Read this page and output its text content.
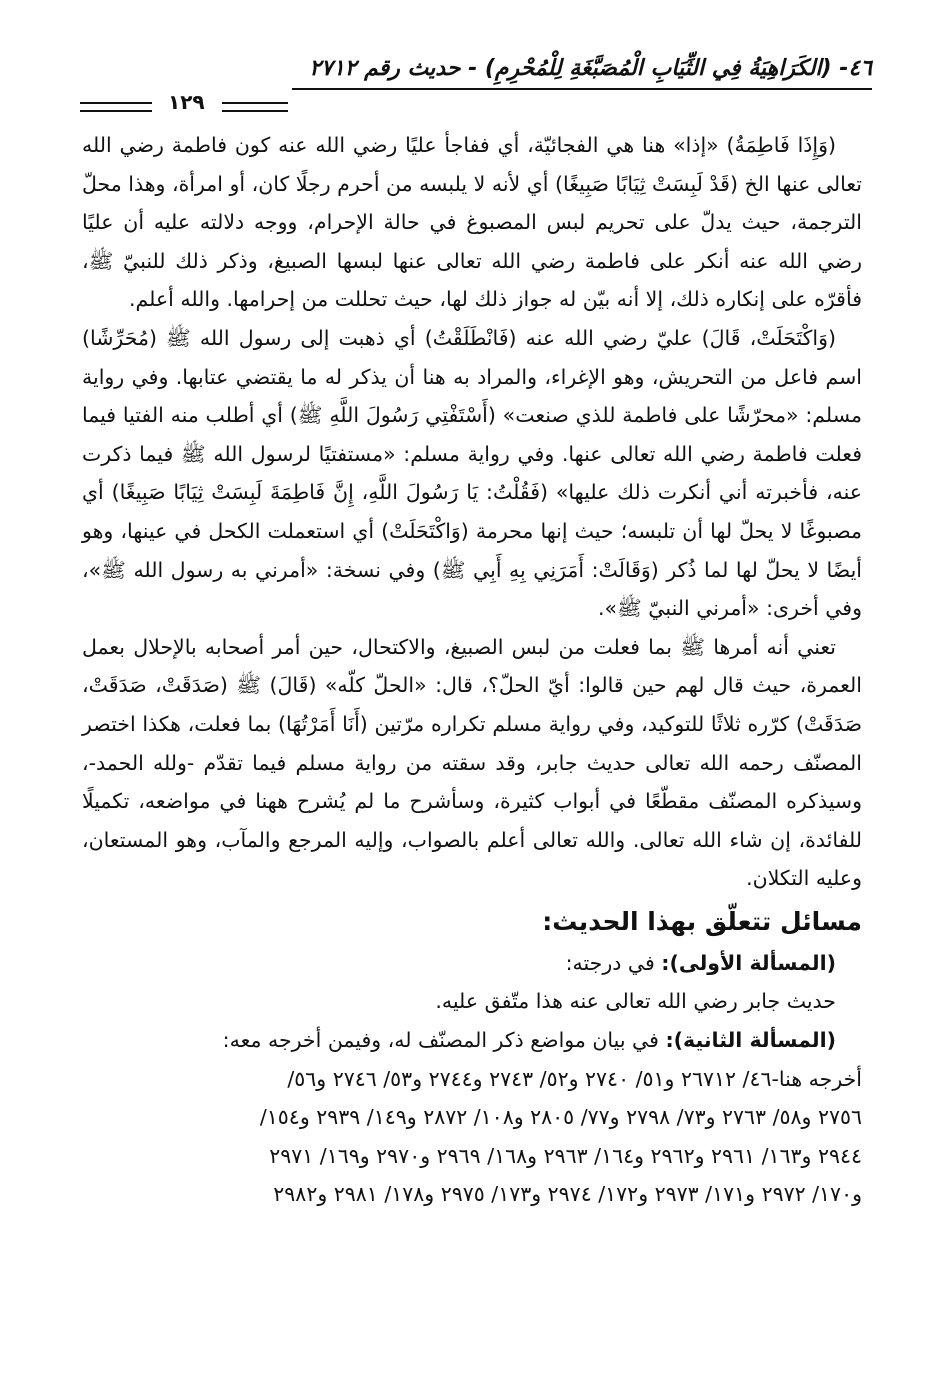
٤٦- (الكَرَاهِيَةُ فِي الثِّيَابِ الْمُصَبَّغَةِ لِلْمُحْرِمِ) - حديث رقم ٢٧١٢
١٢٩

(وَإِذَا فَاطِمَةُ) «إذا» هنا هي الفجائيّة، أي ففاجأ عليًا رضي الله عنه كون فاطمة رضي الله تعالى عنها الخ (قَدْ لَبِسَتْ ثِيَابًا صَبِيغًا) أي لأنه لا يلبسه من أحرم رجلًا كان، أو امرأة، وهذا محلّ الترجمة، حيث يدلّ على تحريم لبس المصبوغ في حالة الإحرام، ووجه دلالته عليه أن عليًا رضي الله عنه أنكر على فاطمة رضي الله تعالى عنها لبسها الصبيغ، وذكر ذلك للنبيّ ﷺ، فأقرّه على إنكاره ذلك، إلا أنه بيّن له جواز ذلك لها، حيث تحللت من إحرامها. والله أعلم.

(وَاكْتَحَلَتْ، قَالَ) عليّ رضي الله عنه (فَانْطَلَقْتُ) أي ذهبت إلى رسول الله ﷺ (مُحَرِّشًا) اسم فاعل من التحريش، وهو الإغراء، والمراد به هنا أن يذكر له ما يقتضي عتابها. وفي رواية مسلم: «محرّشًا على فاطمة للذي صنعت» (أَسْتَفْتِي رَسُولَ اللَّهِ ﷺ) أي أطلب منه الفتيا فيما فعلت فاطمة رضي الله تعالى عنها. وفي رواية مسلم: «مستفتيًا لرسول الله ﷺ فيما ذكرت عنه، فأخبرته أني أنكرت ذلك عليها» (فَقُلْتُ: يَا رَسُولَ اللَّهِ، إِنَّ فَاطِمَةَ لَبِسَتْ ثِيَابًا صَبِيغًا) أي مصبوغًا لا يحلّ لها أن تلبسه؛ حيث إنها محرمة (وَاكْتَحَلَتْ) أي استعملت الكحل في عينها، وهو أيضًا لا يحلّ لها لما ذُكر (وَقَالَتْ: أَمَرَنِي بِهِ أَبِي ﷺ) وفي نسخة: «أمرني به رسول الله ﷺ»، وفي أخرى: «أمرني النبيّ ﷺ».

تعني أنه أمرها ﷺ بما فعلت من لبس الصبيغ، والاكتحال، حين أمر أصحابه بالإحلال بعمل العمرة، حيث قال لهم حين قالوا: أيّ الحلّ؟، قال: «الحلّ كلّه» (قَالَ) ﷺ (صَدَقَتْ، صَدَقَتْ، صَدَقَتْ) كرّره ثلاثًا للتوكيد، وفي رواية مسلم تكراره مرّتين (أَنَا أَمَرْتُهَا) بما فعلت، هكذا اختصر المصنّف رحمه الله تعالى حديث جابر، وقد سقته من رواية مسلم فيما تقدّم -ولله الحمد-، وسيذكره المصنّف مقطّعًا في أبواب كثيرة، وسأشرح ما لم يُشرح ههنا في مواضعه، تكميلًا للفائدة، إن شاء الله تعالى. والله تعالى أعلم بالصواب، وإليه المرجع والمآب، وهو المستعان، وعليه التكلان.

مسائل تتعلّق بهذا الحديث:

(المسألة الأولى): في درجته:

حديث جابر رضي الله تعالى عنه هذا متّفق عليه.

(المسألة الثانية): في بيان مواضع ذكر المصنّف له، وفيمن أخرجه معه:

أخرجه هنا-٤٦/ ٢٦٧١٢ و٥١/ ٢٧٤٠ و٥٢/ ٢٧٤٣ و٢٧٤٤ و٥٣/ ٢٧٤٦ و٥٦/
٢٧٥٦ و٥٨/ ٢٧٦٣ و٧٣/ ٢٧٩٨ و٧٧/ ٢٨٠٥ و١٠٨/ ٢٨٧٢ و١٤٩/ ٢٩٣٩ و١٥٤/
٢٩٤٤ و١٦٣/ ٢٩٦١ و٢٩٦٢ و١٦٤/ ٢٩٦٣ و١٦٨/ ٢٩٦٩ و٢٩٧٠ و١٦٩/ ٢٩٧١
و١٧٠/ ٢٩٧٢ و١٧١/ ٢٩٧٣ و١٧٢/ ٢٩٧٤ و١٧٣/ ٢٩٧٥ و١٧٨/ ٢٩٨١ و٢٩٨٢
